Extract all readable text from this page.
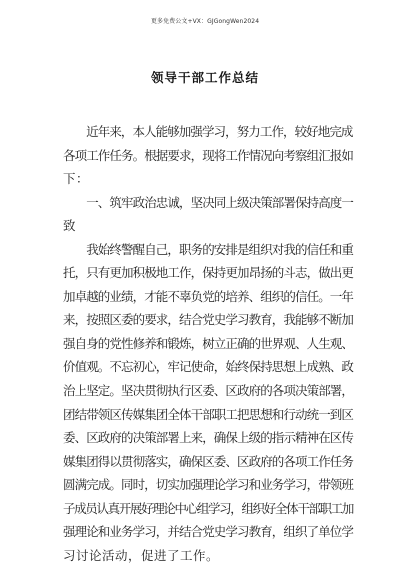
更多免费公文+VX：GJGongWen2024
领导干部工作总结
　　近年来，本人能够加强学习，努力工作，较好地完成
各项工作任务。根据要求，现将工作情况向考察组汇报如
下：
　　一、筑牢政治忠诚，坚决同上级决策部署保持高度一
致
　　我始终警醒自己，职务的安排是组织对我的信任和重
托，只有更加积极地工作，保持更加昂扬的斗志，做出更
加卓越的业绩，才能不辜负党的培养、组织的信任。一年
来，按照区委的要求，结合党史学习教育，我能够不断加
强自身的党性修养和锻炼，树立正确的世界观、人生观、
价值观。不忘初心，牢记使命，始终保持思想上成熟、政
治上坚定。坚决贯彻执行区委、区政府的各项决策部署，
团结带领区传媒集团全体干部职工把思想和行动统一到区
委、区政府的决策部署上来，确保上级的指示精神在区传
媒集团得以贯彻落实，确保区委、区政府的各项工作任务
圆满完成。同时，切实加强理论学习和业务学习，带领班
子成员认真开展好理论中心组学习，组织好全体干部职工加
强理论和业务学习，并结合党史学习教育，组织了单位学
习讨论活动，促进了工作。
